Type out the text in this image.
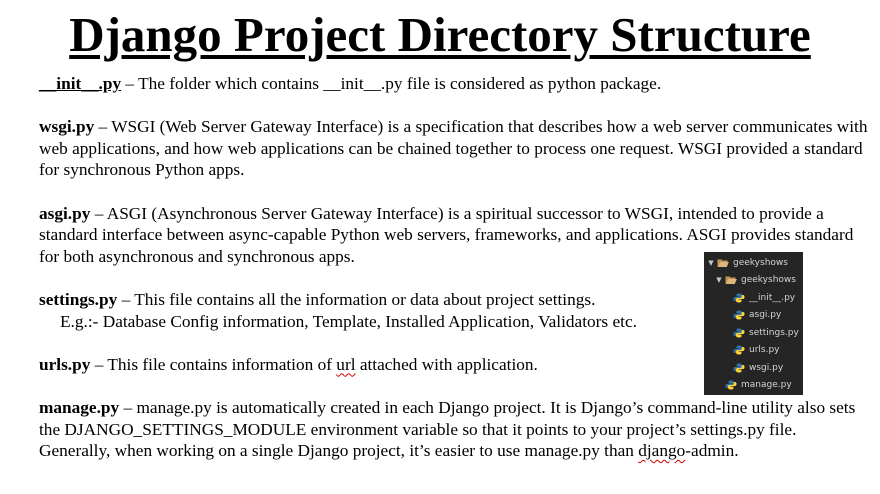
Django Project Directory Structure

__init__.py – The folder which contains __init__.py file is considered as python package.

wsgi.py – WSGI (Web Server Gateway Interface) is a specification that describes how a web server communicates with web applications, and how web applications can be chained together to process one request. WSGI provided a standard for synchronous Python apps.

asgi.py – ASGI (Asynchronous Server Gateway Interface) is a spiritual successor to WSGI, intended to provide a standard interface between async-capable Python web servers, frameworks, and applications. ASGI provides standard for both asynchronous and synchronous apps.

settings.py – This file contains all the information or data about project settings.
E.g.:- Database Config information, Template, Installed Application, Validators etc.

urls.py – This file contains information of url attached with application.

manage.py – manage.py is automatically created in each Django project. It is Django’s command-line utility also sets the DJANGO_SETTINGS_MODULE environment variable so that it points to your project’s settings.py file. Generally, when working on a single Django project, it’s easier to use manage.py than django-admin.

▼ geekyshows
▼ geekyshows
__init__.py
asgi.py
settings.py
urls.py
wsgi.py
manage.py
